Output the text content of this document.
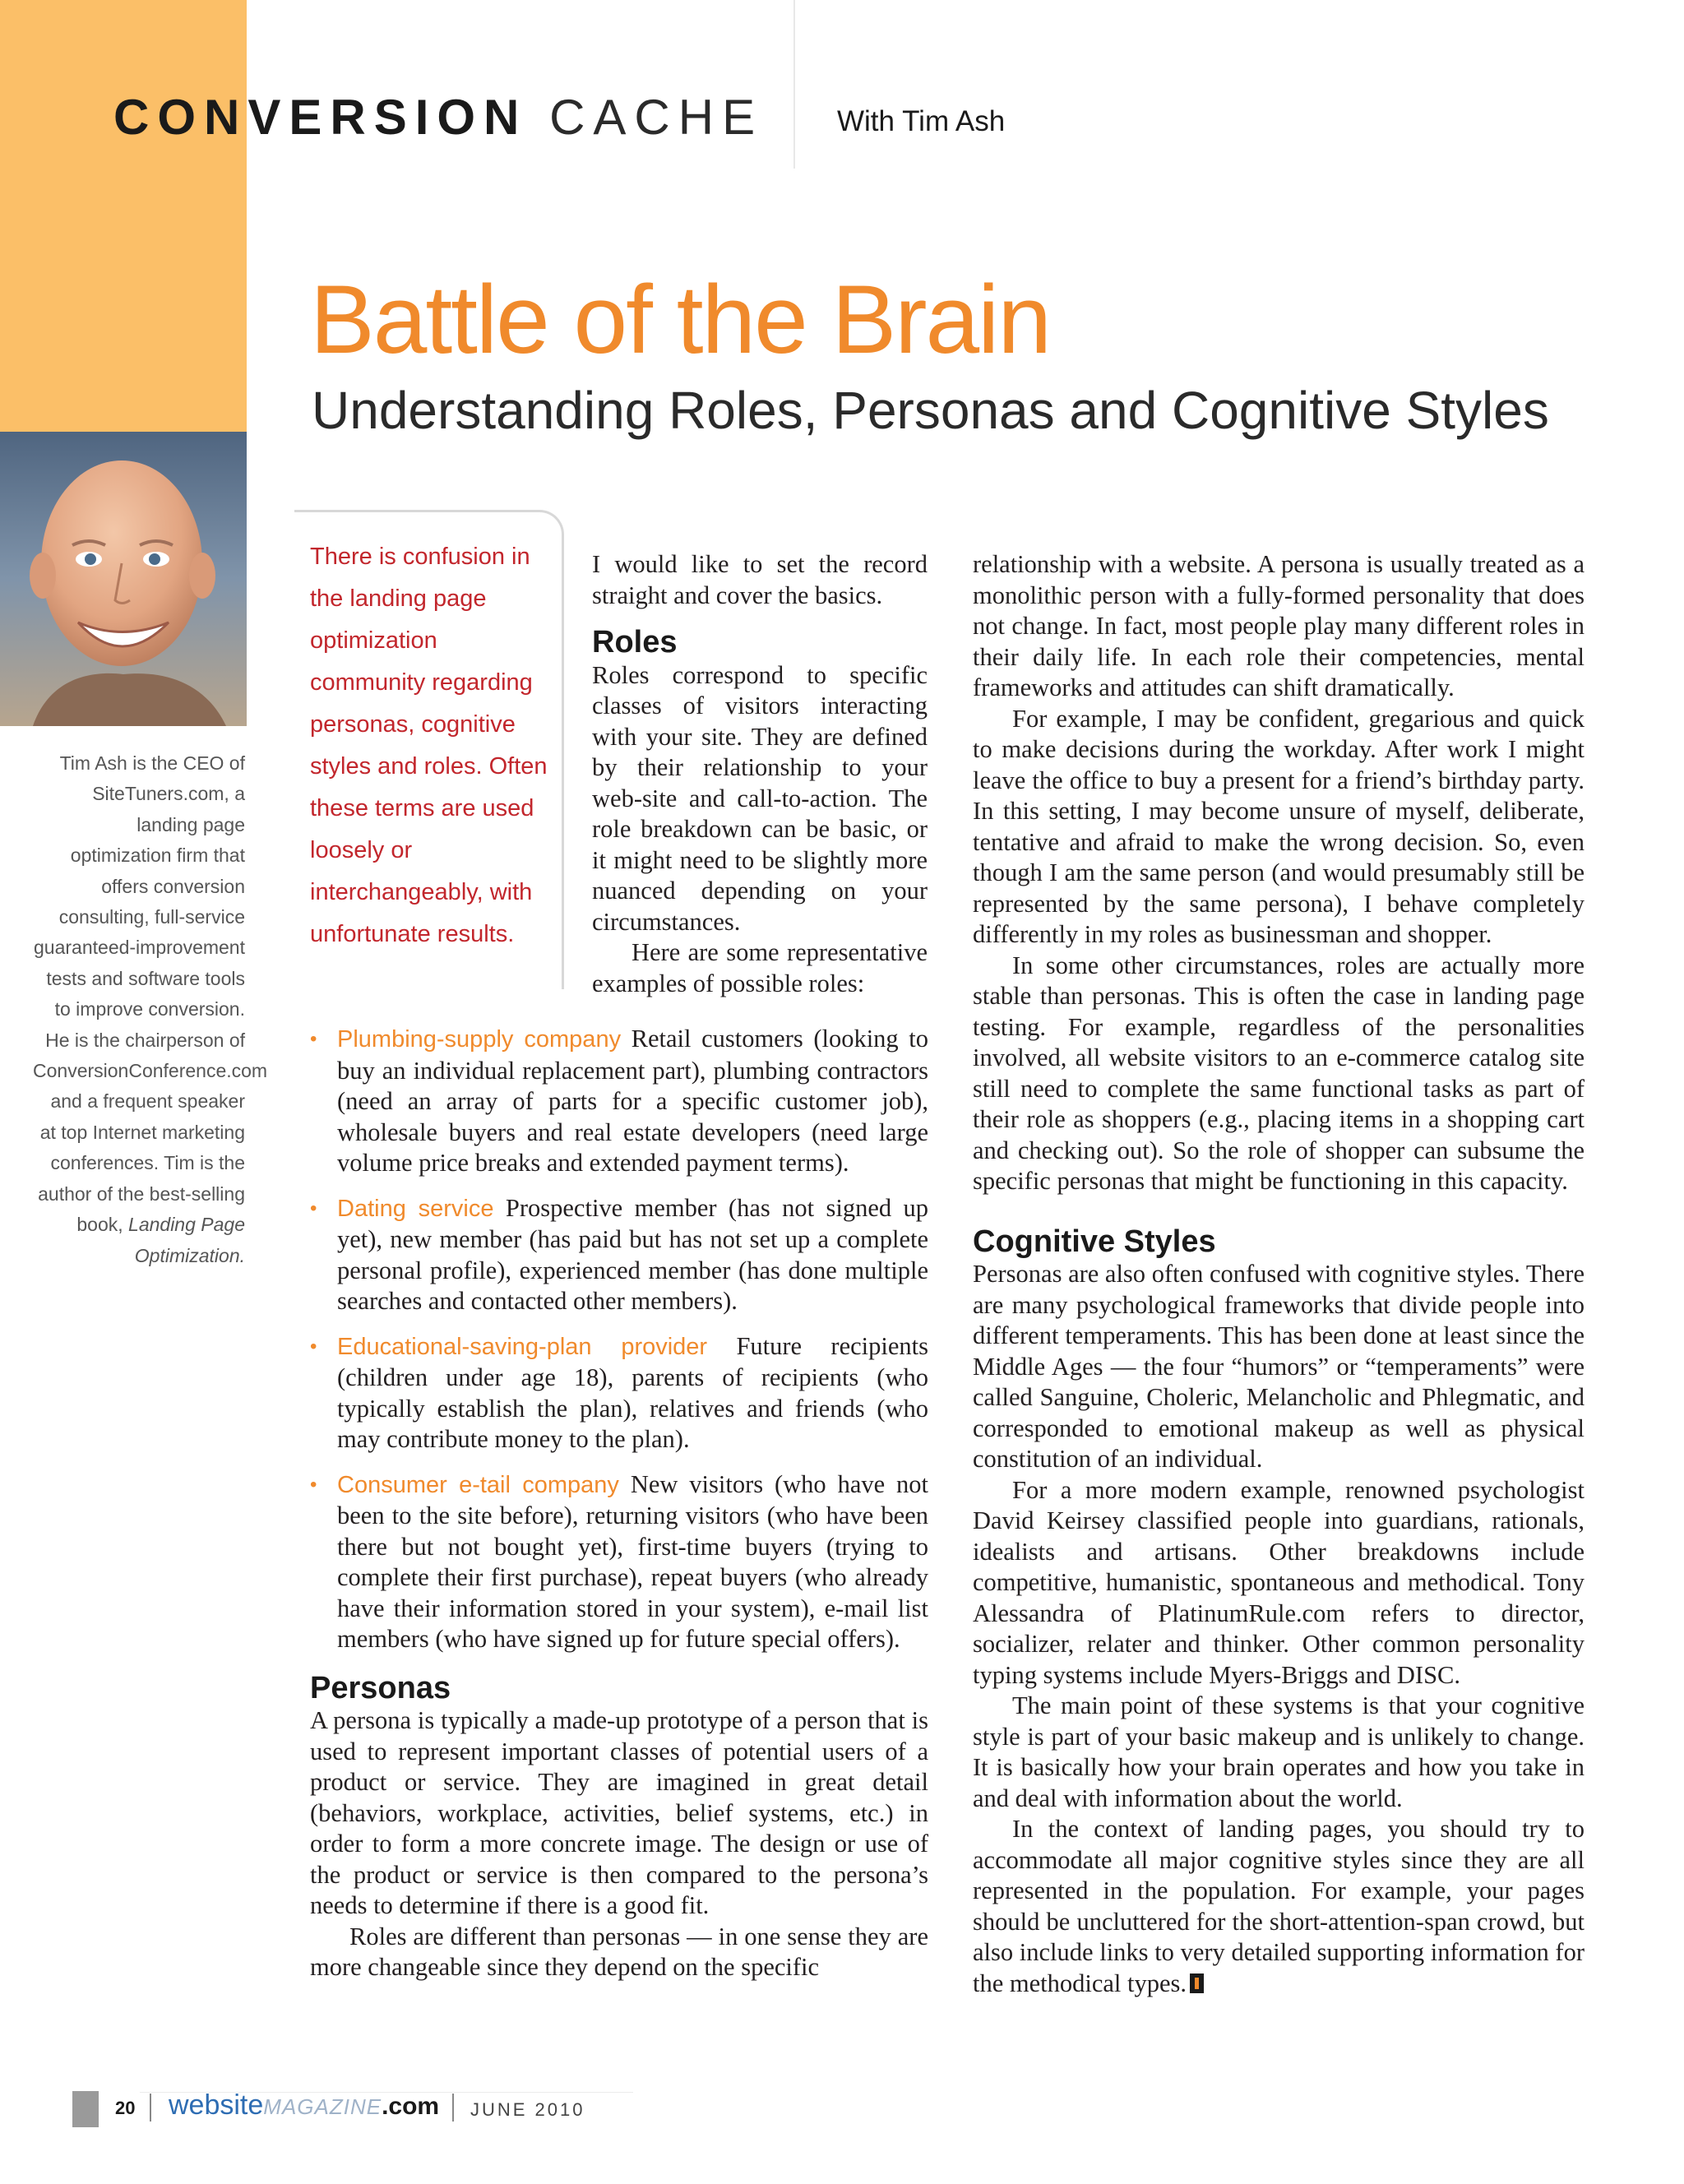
CONVERSION CACHE	With Tim Ash
Battle of the Brain
Understanding Roles, Personas and Cognitive Styles
Tim Ash is the CEO of SiteTuners.com, a landing page optimization firm that offers conversion consulting, full-service guaranteed-improvement tests and software tools to improve conversion. He is the chairperson of ConversionConference.com and a frequent speaker at top Internet marketing conferences. Tim is the author of the best-selling book, Landing Page Optimization.
There is confusion in the landing page optimization community regarding personas, cognitive styles and roles. Often these terms are used loosely or interchangeably, with unfortunate results.

I would like to set the record straight and cover the basics.

Roles

Roles correspond to specific classes of visitors interacting with your site. They are defined by their relationship to your web-site and call-to-action. The role breakdown can be basic, or it might need to be slightly more nuanced depending on your circumstances.

Here are some representative examples of possible roles:

• Plumbing-supply company Retail customers (looking to buy an individual replacement part), plumbing contractors (need an array of parts for a specific customer job), wholesale buyers and real estate developers (need large volume price breaks and extended payment terms).
• Dating service Prospective member (has not signed up yet), new member (has paid but has not set up a complete personal profile), experienced member (has done multiple searches and contacted other members).
• Educational-saving-plan provider Future recipients (children under age 18), parents of recipients (who typically establish the plan), relatives and friends (who may contribute money to the plan).
• Consumer e-tail company New visitors (who have not been to the site before), returning visitors (who have been there but not bought yet), first-time buyers (trying to complete their first purchase), repeat buyers (who already have their information stored in your system), e-mail list members (who have signed up for future special offers).
Personas

A persona is typically a made-up prototype of a person that is used to represent important classes of potential users of a product or service. They are imagined in great detail (behaviors, workplace, activities, belief systems, etc.) in order to form a more concrete image. The design or use of the product or service is then compared to the persona’s needs to determine if there is a good fit.

Roles are different than personas — in one sense they are more changeable since they depend on the specific

relationship with a website. A persona is usually treated as a monolithic person with a fully-formed personality that does not change. In fact, most people play many different roles in their daily life. In each role their competencies, mental frameworks and attitudes can shift dramatically.

For example, I may be confident, gregarious and quick to make decisions during the workday. After work I might leave the office to buy a present for a friend’s birthday party. In this setting, I may become unsure of myself, deliberate, tentative and afraid to make the wrong decision. So, even though I am the same person (and would presumably still be represented by the same persona), I behave completely differently in my roles as businessman and shopper.

In some other circumstances, roles are actually more stable than personas. This is often the case in landing page testing. For example, regardless of the personalities involved, all website visitors to an e-commerce catalog site still need to complete the same functional tasks as part of their role as shoppers (e.g., placing items in a shopping cart and checking out). So the role of shopper can subsume the specific personas that might be functioning in this capacity.

Cognitive Styles

Personas are also often confused with cognitive styles. There are many psychological frameworks that divide people into different temperaments. This has been done at least since the Middle Ages — the four “humors” or “temperaments” were called Sanguine, Choleric, Melancholic and Phlegmatic, and corresponded to emotional makeup as well as physical constitution of an individual.

For a more modern example, renowned psychologist David Keirsey classified people into guardians, rationals, idealists and artisans. Other breakdowns include competitive, humanistic, spontaneous and methodical. Tony Alessandra of PlatinumRule.com refers to director, socializer, relater and thinker. Other common personality typing systems include Myers-Briggs and DISC.

The main point of these systems is that your cognitive style is part of your basic makeup and is unlikely to change. It is basically how your brain operates and how you take in and deal with information about the world.

In the context of landing pages, you should try to accommodate all major cognitive styles since they are all represented in the population. For example, your pages should be uncluttered for the short-attention-span crowd, but also include links to very detailed supporting information for the methodical types.

20 websiteMAGAZINE.com JUNE 2010
